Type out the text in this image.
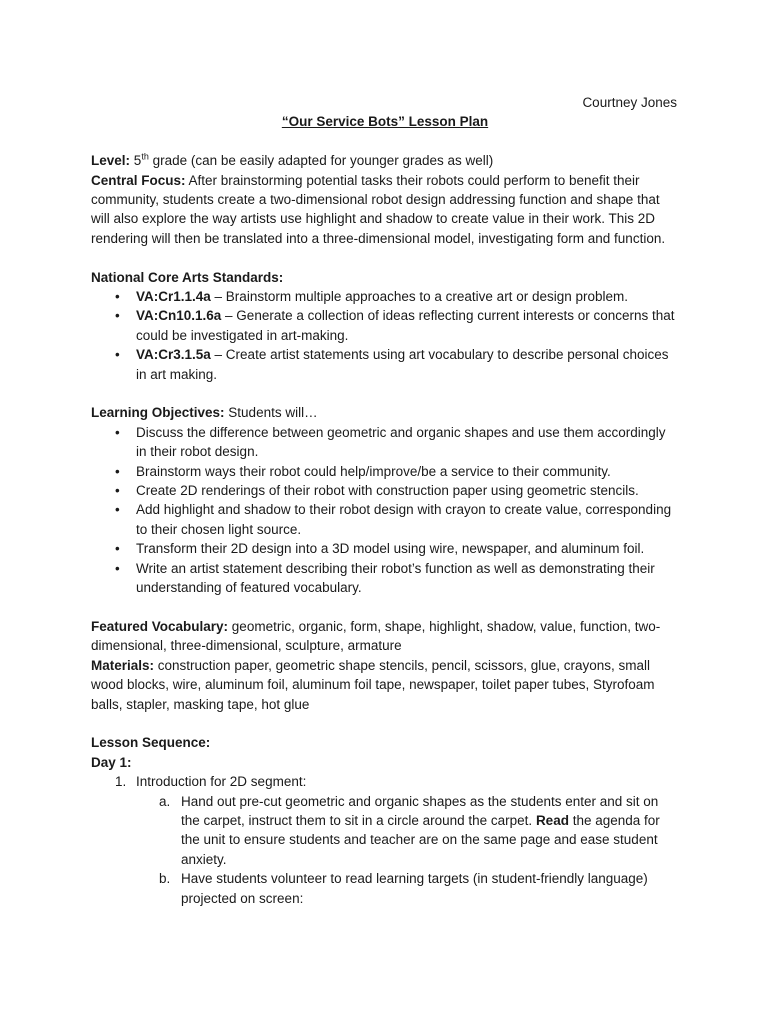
Courtney Jones

“Our Service Bots” Lesson Plan

Level: 5th grade (can be easily adapted for younger grades as well)

Central Focus: After brainstorming potential tasks their robots could perform to benefit their community, students create a two-dimensional robot design addressing function and shape that will also explore the way artists use highlight and shadow to create value in their work. This 2D rendering will then be translated into a three-dimensional model, investigating form and function.

National Core Arts Standards:

• VA:Cr1.1.4a – Brainstorm multiple approaches to a creative art or design problem.
• VA:Cn10.1.6a – Generate a collection of ideas reflecting current interests or concerns that could be investigated in art-making.
• VA:Cr3.1.5a – Create artist statements using art vocabulary to describe personal choices in art making.

Learning Objectives: Students will…

• Discuss the difference between geometric and organic shapes and use them accordingly in their robot design.
• Brainstorm ways their robot could help/improve/be a service to their community.
• Create 2D renderings of their robot with construction paper using geometric stencils.
• Add highlight and shadow to their robot design with crayon to create value, corresponding to their chosen light source.
• Transform their 2D design into a 3D model using wire, newspaper, and aluminum foil.
• Write an artist statement describing their robot’s function as well as demonstrating their understanding of featured vocabulary.

Featured Vocabulary: geometric, organic, form, shape, highlight, shadow, value, function, two-dimensional, three-dimensional, sculpture, armature

Materials: construction paper, geometric shape stencils, pencil, scissors, glue, crayons, small wood blocks, wire, aluminum foil, aluminum foil tape, newspaper, toilet paper tubes, Styrofoam balls, stapler, masking tape, hot glue

Lesson Sequence:

Day 1:

1. Introduction for 2D segment:
a. Hand out pre-cut geometric and organic shapes as the students enter and sit on the carpet, instruct them to sit in a circle around the carpet. Read the agenda for the unit to ensure students and teacher are on the same page and ease student anxiety.
b. Have students volunteer to read learning targets (in student-friendly language) projected on screen:
